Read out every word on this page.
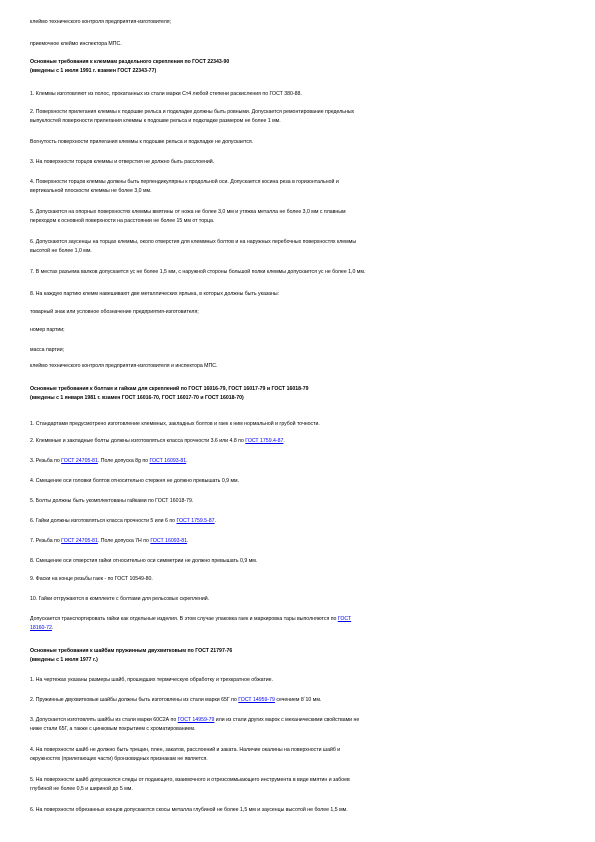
клеймо технического контроля предприятия-изготовителя;
приемочное клеймо инспектора МПС.
Основные требования к клеммам раздельного скрепления по ГОСТ 22343-90
(введены с 1 июля 1991 г. взамен ГОСТ 22343-77)
1. Клеммы изготовляют из полос, прокатанных из стали марки Ст4 любой степени раскисления по ГОСТ 380-88.
2. Поверхности прилегания клеммы к подошве рельса и подкладке должны быть ровными. Допускается ремонтирование предельных
выпуклостей поверхности прилегания клеммы к подошве рельса и подкладке размером не более 1 мм.
Вогнутость поверхности прилегания клеммы к подошве рельса и подкладке не допускается.
3. На поверхности торцов клеммы и отверстия не должно быть расслоений.
4. Поверхности торцов клеммы должны быть перпендикулярны к продольной оси. Допускается косина реза в горизонтальной и
вертикальной плоскости клеммы не более 3,0 мм.
5. Допускаются на опорных поверхностях клеммы вмятины от ножа не более 3,0 мм и утяжка металла не более 3,0 мм с плавным
переходом к основной поверхности на расстоянии не более 15 мм от торца.
6. Допускаются заусенцы на торцах клеммы, около отверстия для клеммных болтов и на наружных перебочных поверхностях клеммы
высотой не более 1,0 мм.
7. В местах разъема валков допускается ус не более 1,5 мм, с наружной стороны большой полки клеммы допускается ус не более 1,0 мм.
8. На каждую партию клемм навешивают две металлических ярлыка, в которых должны быть указаны:
товарный знак или условное обозначение предприятия-изготовителя;
номер партии;
масса партии;
клеймо технического контроля предприятия-изготовителя и инспектора МПС.
Основные требования к болтам и гайкам для скреплений по ГОСТ 16016-79, ГОСТ 16017-79 и ГОСТ 16018-79
(введены с 1 января 1981 г. взамен ГОСТ 16016-70, ГОСТ 16017-70 и ГОСТ 16018-70)
1. Стандартами предусмотрено изготовление клеммных, закладных болтов и гаек к ним нормальной и грубой точности.
2. Клеммные и закладные болты должны изготовляться класса прочности 3.6 или 4.8 по ГОСТ 1759.4-87.
3. Резьба по ГОСТ 24705-81. Поле допуска 8g по ГОСТ 16093-81.
4. Смещение оси головки болтов относительно стержня не должно превышать 0,9 мм.
5. Болты должны быть укомплектованы гайками по ГОСТ 16018-79.
6. Гайки должны изготовляться класса прочности 5 или 6 по ГОСТ 1759.5-87.
7. Резьба по ГОСТ 24705-81. Поле допуска 7Н по ГОСТ 16093-81.
8. Смещение оси отверстия гайки относительно оси симметрии не должно превышать 0,9 мм.
9. Фаски на конце резьбы гаек - по ГОСТ 10549-80.
10. Гайки отгружаются в комплекте с болтами для рельсовых скреплений.
Допускается транспортировать гайки как отдельные изделия. В этом случае упаковка гаек и маркировка тары выполняются по ГОСТ
18160-72.
Основные требования к шайбам пружинным двухвитковым по ГОСТ 21797-76
(введены с 1 июля 1977 г.)
1. На чертежах указаны размеры шайб, прошедших термическую обработку и трехкратное обжатие.
2. Пружинные двухвитковые шайбы должны быть изготовлены из стали марки 65Г по ГОСТ 14959-79 сечением 8´10 мм.
3. Допускается изготовлять шайбы из стали марки 60С2А по ГОСТ 14959-79 или из стали других марок с механическими свойствами не
ниже стали 65Г, а также с цинковым покрытием с хроматированием.
4. На поверхности шайб не должно быть трещин, плен, закатов, расслоений и заката. Наличие окалины на поверхности шайб и
окружностях (прилегающих части) бронзовидных признакам не является.
5. На поверхности шайб допускаются следы от подающего, взаимочного и отрезсоммыающего инструмента в виде вмятин и забоев
глубиной не более 0,5 и шириной до 5 мм.
6. На поверхности обрезанных концов допускаются скосы металла глубиной не более 1,5 мм и заусенцы высотой не более 1,5 мм.
